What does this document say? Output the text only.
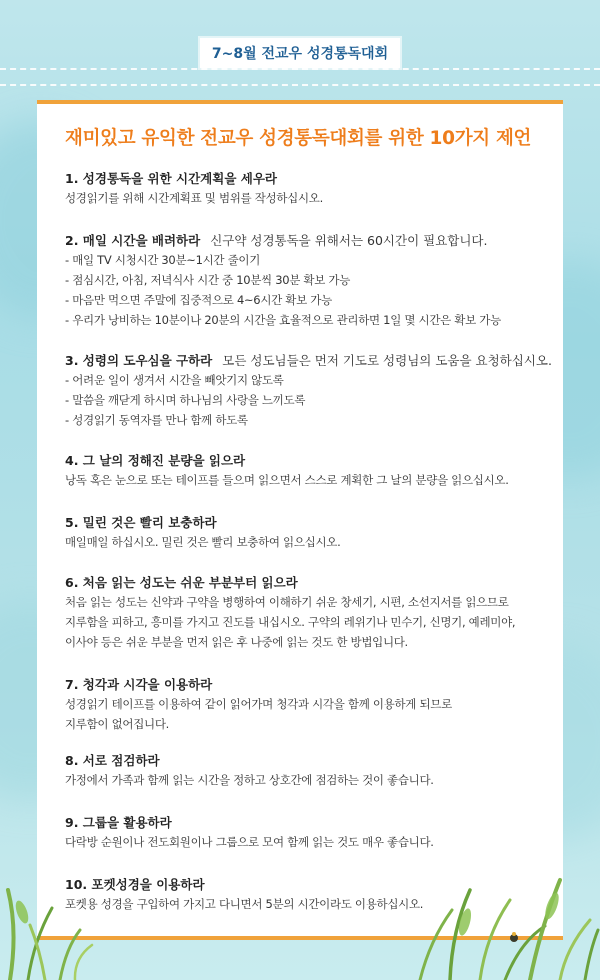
7~8월 전교우 성경통독대회
재미있고 유익한 전교우 성경통독대회를 위한 10가지 제언
1. 성경통독을 위한 시간계획을 세우라
성경읽기를 위해 시간계획표 및 범위를 작성하십시오.
2. 매일 시간을 배려하라 신구약 성경통독을 위해서는 60시간이 필요합니다.
- 매일 TV 시청시간 30분~1시간 줄이기
- 점심시간, 아침, 저녁식사 시간 중 10분씩 30분 확보 가능
- 마음만 먹으면 주말에 집중적으로 4~6시간 확보 가능
- 우리가 낭비하는 10분이나 20분의 시간을 효율적으로 관리하면 1일 몇 시간은 확보 가능
3. 성령의 도우심을 구하라 모든 성도님들은 먼저 기도로 성령님의 도움을 요청하십시오.
- 어려운 일이 생겨서 시간을 빼앗기지 않도록
- 말씀을 깨닫게 하시며 하나님의 사랑을 느끼도록
- 성경읽기 동역자를 만나 함께 하도록
4. 그 날의 정해진 분량을 읽으라
낭독 혹은 눈으로 또는 테이프를 들으며 읽으면서 스스로 계획한 그 날의 분량을 읽으십시오.
5. 밀린 것은 빨리 보충하라
매일매일 하십시오. 밀린 것은 빨리 보충하여 읽으십시오.
6. 처음 읽는 성도는 쉬운 부분부터 읽으라
처음 읽는 성도는 신약과 구약을 병행하여 이해하기 쉬운 창세기, 시편, 소선지서를 읽으므로
지루함을 피하고, 흥미를 가지고 진도를 내십시오. 구약의 레위기나 민수기, 신명기, 예레미야,
이사야 등은 쉬운 부분을 먼저 읽은 후 나중에 읽는 것도 한 방법입니다.
7. 청각과 시각을 이용하라
성경읽기 테이프를 이용하여 같이 읽어가며 청각과 시각을 함께 이용하게 되므로
지루함이 없어집니다.
8. 서로 점검하라
가정에서 가족과 함께 읽는 시간을 정하고 상호간에 점검하는 것이 좋습니다.
9. 그룹을 활용하라
다락방 순원이나 전도회원이나 그룹으로 모여 함께 읽는 것도 매우 좋습니다.
10. 포켓성경을 이용하라
포켓용 성경을 구입하여 가지고 다니면서 5분의 시간이라도 이용하십시오.
